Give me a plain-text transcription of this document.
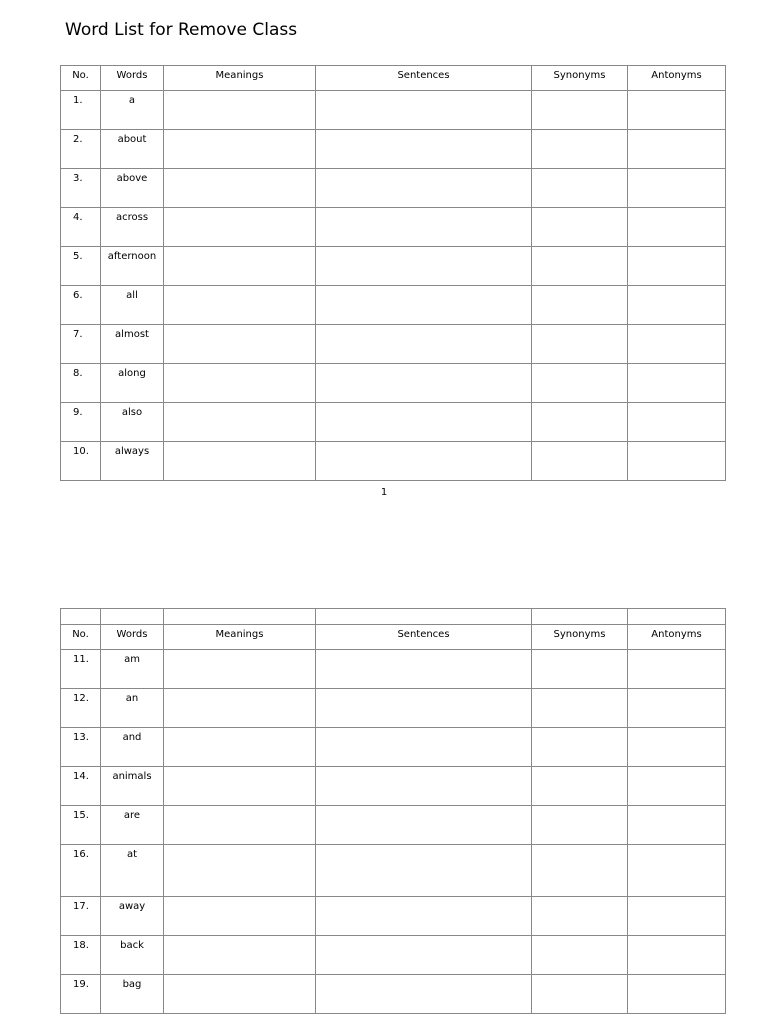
Word List for Remove Class
No.	Words	Meanings	Sentences	Synonyms	Antonyms
1.	a				
2.	about				
3.	above				
4.	across				
5.	afternoon				
6.	all				
7.	almost				
8.	along				
9.	also				
10.	always				
1

No.	Words	Meanings	Sentences	Synonyms	Antonyms
11.	am				
12.	an				
13.	and				
14.	animals				
15.	are				
16.	at				
17.	away				
18.	back				
19.	bag				
